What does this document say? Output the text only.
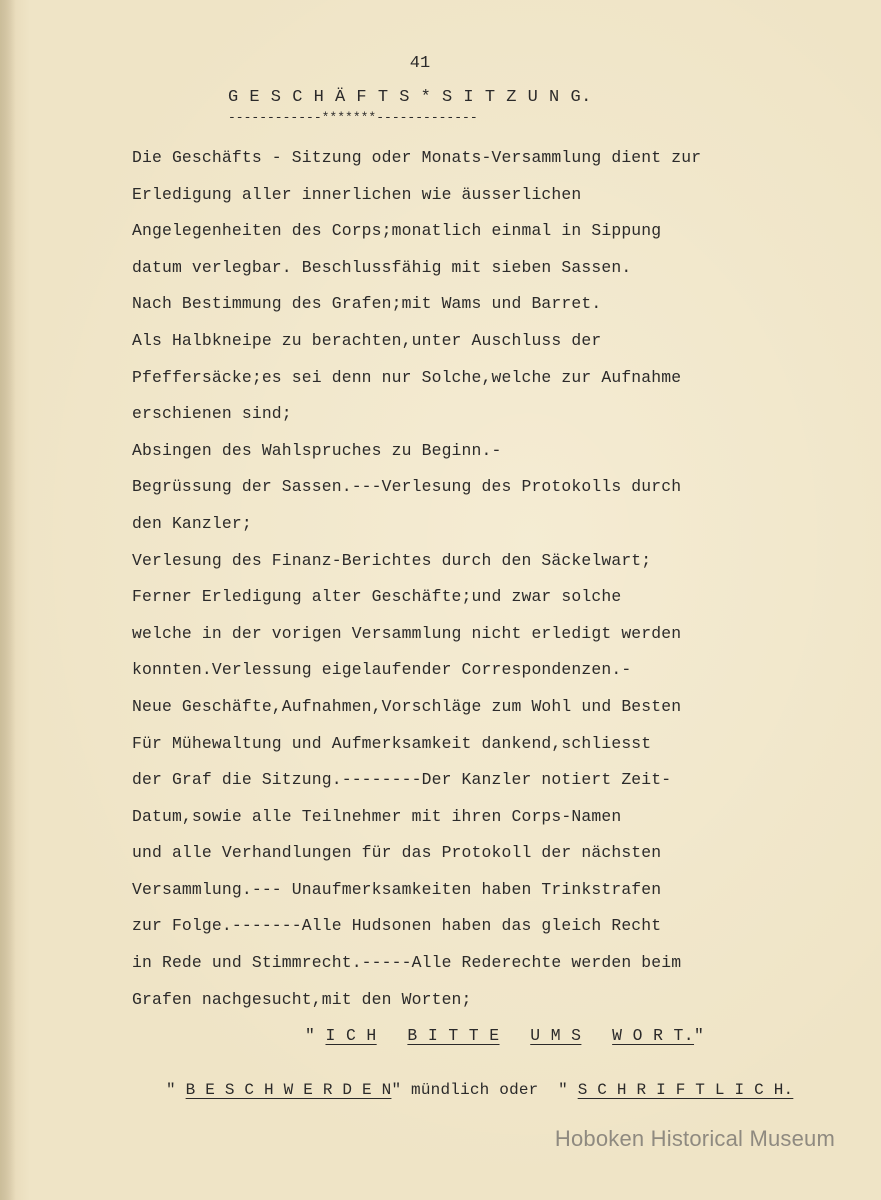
41
G E S C H Ä F T S * S I T Z U N G.
------------*******-------------
Die Geschäfts - Sitzung oder Monats-Versammlung dient zur
Erledigung aller innerlichen wie äusserlichen
Angelegenheiten des Corps;monatlich einmal in Sippung
datum verlegbar. Beschlussfähig mit sieben Sassen.
Nach Bestimmung des Grafen;mit Wams und Barret.
Als Halbkneipe zu berachten,unter Auschluss der
Pfeffersäcke;es sei denn nur Solche,welche zur Aufnahme
erschienen sind;
Absingen des Wahlspruches zu Beginn.-
Begrüssung der Sassen.---Verlesung des Protokolls durch
den Kanzler;
Verlesung des Finanz-Berichtes durch den Säckelwart;
Ferner Erledigung alter Geschäfte;und zwar solche
welche in der vorigen Versammlung nicht erledigt werden
konnten.Verlessung eigelaufender Correspondenzen.-
Neue Geschäfte,Aufnahmen,Vorschläge zum Wohl und Besten
Für Mühewaltung und Aufmerksamkeit dankend,schliesst
der Graf die Sitzung.--------Der Kanzler notiert Zeit-
Datum,sowie alle Teilnehmer mit ihren Corps-Namen
und alle Verhandlungen für das Protokoll der nächsten
Versammlung.--- Unaufmerksamkeiten haben Trinkstrafen
zur Folge.-------Alle Hudsonen haben das gleich Recht
in Rede und Stimmrecht.-----Alle Rederechte werden beim
Grafen nachgesucht,mit den Worten;
" I C H B I T T E U M S W O R T."
" B E S C H W E R D E N" mündlich oder  " S C H R I F T L I C H.
Hoboken Historical Museum
